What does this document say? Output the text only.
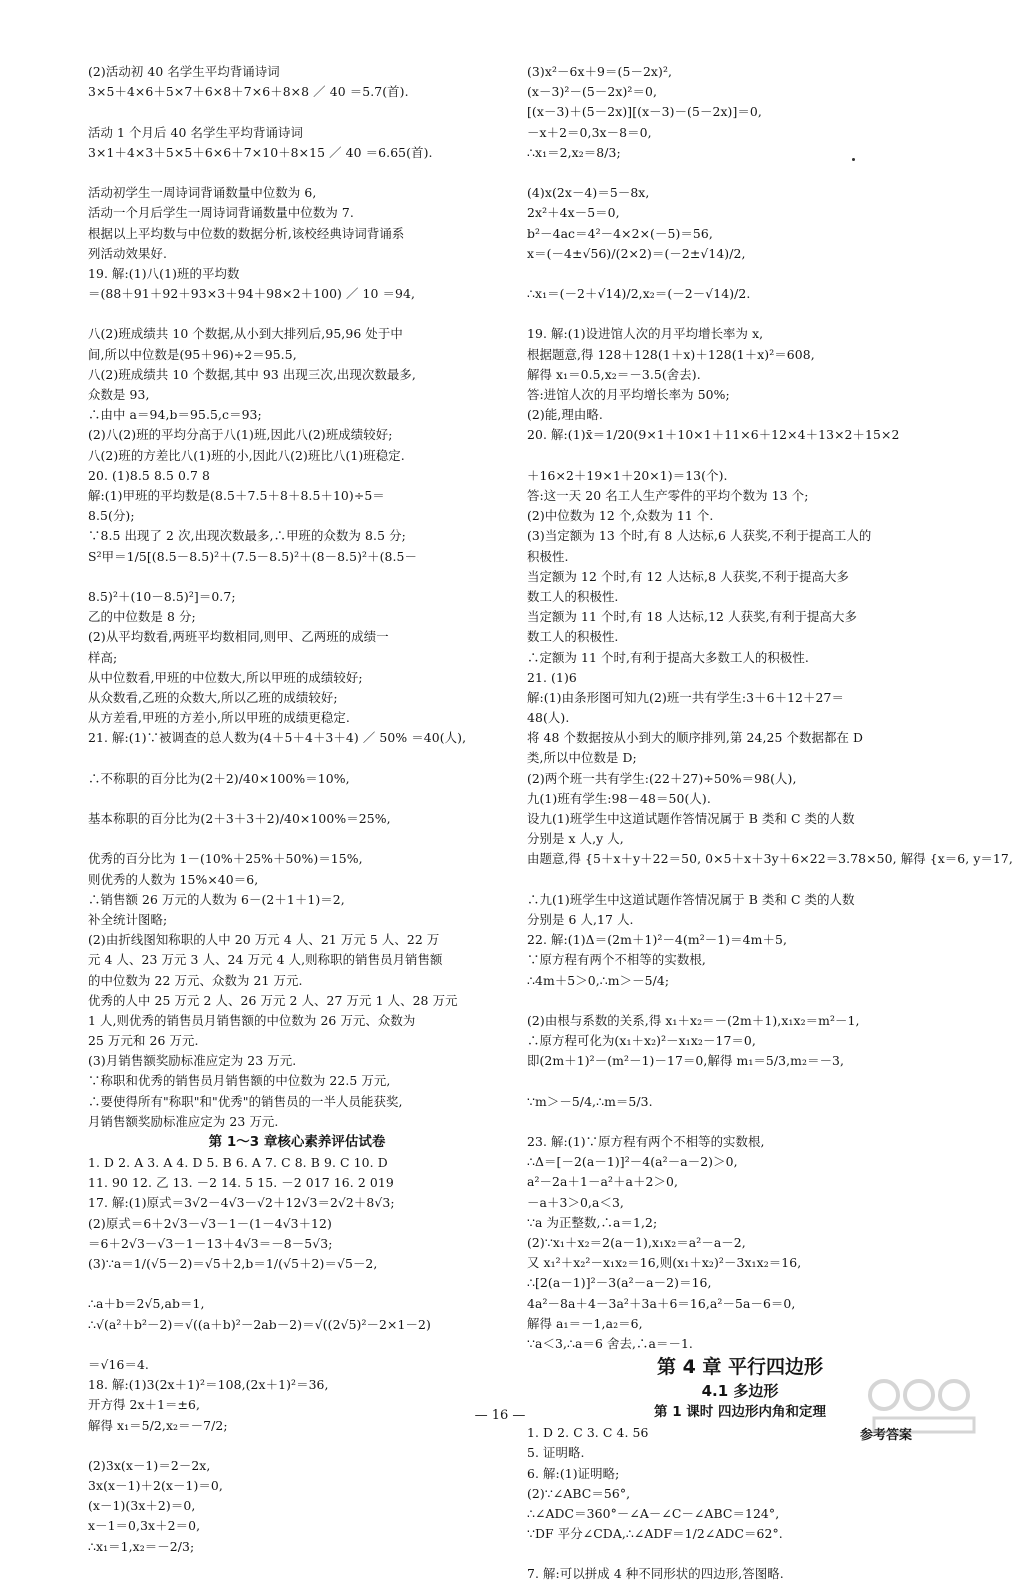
(2)活动初 40 名学生平均背诵诗词
3×5＋4×6＋5×7＋6×8＋7×6＋8×8 ／ 40 ＝5.7(首).
活动 1 个月后 40 名学生平均背诵诗词
3×1＋4×3＋5×5＋6×6＋7×10＋8×15 ／ 40 ＝6.65(首).
活动初学生一周诗词背诵数量中位数为 6,
活动一个月后学生一周诗词背诵数量中位数为 7.
根据以上平均数与中位数的数据分析,该校经典诗词背诵系
列活动效果好.
19. 解:(1)八(1)班的平均数
＝(88＋91＋92＋93×3＋94＋98×2＋100) ／ 10 ＝94,
八(2)班成绩共 10 个数据,从小到大排列后,95,96 处于中
间,所以中位数是(95＋96)÷2＝95.5,
八(2)班成绩共 10 个数据,其中 93 出现三次,出现次数最多,
众数是 93,
∴由中 a＝94,b＝95.5,c＝93;
(2)八(2)班的平均分高于八(1)班,因此八(2)班成绩较好;
八(2)班的方差比八(1)班的小,因此八(2)班比八(1)班稳定.
20. (1)8.5 8.5 0.7 8
解:(1)甲班的平均数是(8.5＋7.5＋8＋8.5＋10)÷5＝
8.5(分);
∵8.5 出现了 2 次,出现次数最多,∴甲班的众数为 8.5 分;
S²甲＝1/5[(8.5－8.5)²＋(7.5－8.5)²＋(8－8.5)²＋(8.5－
8.5)²＋(10－8.5)²]＝0.7;
乙的中位数是 8 分;
(2)从平均数看,两班平均数相同,则甲、乙两班的成绩一
样高;
从中位数看,甲班的中位数大,所以甲班的成绩较好;
从众数看,乙班的众数大,所以乙班的成绩较好;
从方差看,甲班的方差小,所以甲班的成绩更稳定.
21. 解:(1)∵被调查的总人数为(4＋5＋4＋3＋4) ／ 50% ＝40(人),
∴不称职的百分比为(2＋2)/40×100%＝10%,
基本称职的百分比为(2＋3＋3＋2)/40×100%＝25%,
优秀的百分比为 1－(10%＋25%＋50%)＝15%,
则优秀的人数为 15%×40＝6,
∴销售额 26 万元的人数为 6－(2＋1＋1)＝2,
补全统计图略;
(2)由折线图知称职的人中 20 万元 4 人、21 万元 5 人、22 万
元 4 人、23 万元 3 人、24 万元 4 人,则称职的销售员月销售额
的中位数为 22 万元、众数为 21 万元.
优秀的人中 25 万元 2 人、26 万元 2 人、27 万元 1 人、28 万元
1 人,则优秀的销售员月销售额的中位数为 26 万元、众数为
25 万元和 26 万元.
(3)月销售额奖励标准应定为 23 万元.
∵称职和优秀的销售员月销售额的中位数为 22.5 万元,
∴要使得所有"称职"和"优秀"的销售员的一半人员能获奖,
月销售额奖励标准应定为 23 万元.
第 1～3 章核心素养评估试卷
1. D 2. A 3. A 4. D 5. B 6. A 7. C 8. B 9. C 10. D
11. 90 12. 乙 13. －2 14. 5 15. －2 017 16. 2 019
17. 解:(1)原式＝3√2－4√3－√2＋12√3＝2√2＋8√3;
(2)原式＝6＋2√3－√3－1－(1－4√3＋12)
＝6＋2√3－√3－1－13＋4√3＝－8－5√3;
(3)∵a＝1/(√5－2)＝√5＋2,b＝1/(√5＋2)＝√5－2,
∴a＋b＝2√5,ab＝1,
∴√(a²＋b²－2)＝√((a＋b)²－2ab－2)＝√((2√5)²－2×1－2)
＝√16＝4.
18. 解:(1)3(2x＋1)²＝108,(2x＋1)²＝36,
开方得 2x＋1＝±6,
解得 x₁＝5/2,x₂＝－7/2;
(2)3x(x－1)＝2－2x,
3x(x－1)＋2(x－1)＝0,
(x－1)(3x＋2)＝0,
x－1＝0,3x＋2＝0,
∴x₁＝1,x₂＝－2/3;
(3)x²－6x＋9＝(5－2x)²,
(x－3)²－(5－2x)²＝0,
[(x－3)＋(5－2x)][(x－3)－(5－2x)]＝0,
－x＋2＝0,3x－8＝0,
∴x₁＝2,x₂＝8/3;
(4)x(2x－4)＝5－8x,
2x²＋4x－5＝0,
b²－4ac＝4²－4×2×(－5)＝56,
x＝(－4±√56)/(2×2)＝(－2±√14)/2,
∴x₁＝(－2＋√14)/2,x₂＝(－2－√14)/2.
19. 解:(1)设进馆人次的月平均增长率为 x,
根据题意,得 128＋128(1＋x)＋128(1＋x)²＝608,
解得 x₁＝0.5,x₂＝－3.5(舍去).
答:进馆人次的月平均增长率为 50%;
(2)能,理由略.
20. 解:(1)x̄＝1/20(9×1＋10×1＋11×6＋12×4＋13×2＋15×2
＋16×2＋19×1＋20×1)＝13(个).
答:这一天 20 名工人生产零件的平均个数为 13 个;
(2)中位数为 12 个,众数为 11 个.
(3)当定额为 13 个时,有 8 人达标,6 人获奖,不利于提高工人的
积极性.
当定额为 12 个时,有 12 人达标,8 人获奖,不利于提高大多
数工人的积极性.
当定额为 11 个时,有 18 人达标,12 人获奖,有利于提高大多
数工人的积极性.
∴定额为 11 个时,有利于提高大多数工人的积极性.
21. (1)6
解:(1)由条形图可知九(2)班一共有学生:3＋6＋12＋27＝
48(人).
将 48 个数据按从小到大的顺序排列,第 24,25 个数据都在 D
类,所以中位数是 D;
(2)两个班一共有学生:(22＋27)÷50%＝98(人),
九(1)班有学生:98－48＝50(人).
设九(1)班学生中这道试题作答情况属于 B 类和 C 类的人数
分别是 x 人,y 人,
由题意,得 {5＋x＋y＋22＝50, 0×5＋x＋3y＋6×22＝3.78×50, 解得 {x＝6, y＝17,
∴九(1)班学生中这道试题作答情况属于 B 类和 C 类的人数
分别是 6 人,17 人.
22. 解:(1)Δ＝(2m＋1)²－4(m²－1)＝4m＋5,
∵原方程有两个不相等的实数根,
∴4m＋5＞0,∴m＞－5/4;
(2)由根与系数的关系,得 x₁＋x₂＝－(2m＋1),x₁x₂＝m²－1,
∴原方程可化为(x₁＋x₂)²－x₁x₂－17＝0,
即(2m＋1)²－(m²－1)－17＝0,解得 m₁＝5/3,m₂＝－3,
∵m＞－5/4,∴m＝5/3.
23. 解:(1)∵原方程有两个不相等的实数根,
∴Δ＝[－2(a－1)]²－4(a²－a－2)＞0,
a²－2a＋1－a²＋a＋2＞0,
－a＋3＞0,a＜3,
∵a 为正整数,∴a＝1,2;
(2)∵x₁＋x₂＝2(a－1),x₁x₂＝a²－a－2,
又 x₁²＋x₂²－x₁x₂＝16,则(x₁＋x₂)²－3x₁x₂＝16,
∴[2(a－1)]²－3(a²－a－2)＝16,
4a²－8a＋4－3a²＋3a＋6＝16,a²－5a－6＝0,
解得 a₁＝－1,a₂＝6,
∵a＜3,∴a＝6 舍去,∴a＝－1.
第 4 章 平行四边形
4.1 多边形
第 1 课时 四边形内角和定理
1. D 2. C 3. C 4. 56
5. 证明略.
6. 解:(1)证明略;
(2)∵∠ABC＝56°,
∴∠ADC＝360°－∠A－∠C－∠ABC＝124°,
∵DF 平分∠CDA,∴∠ADF＝1/2∠ADC＝62°.
7. 解:可以拼成 4 种不同形状的四边形,答图略.
— 16 —
参考答案
